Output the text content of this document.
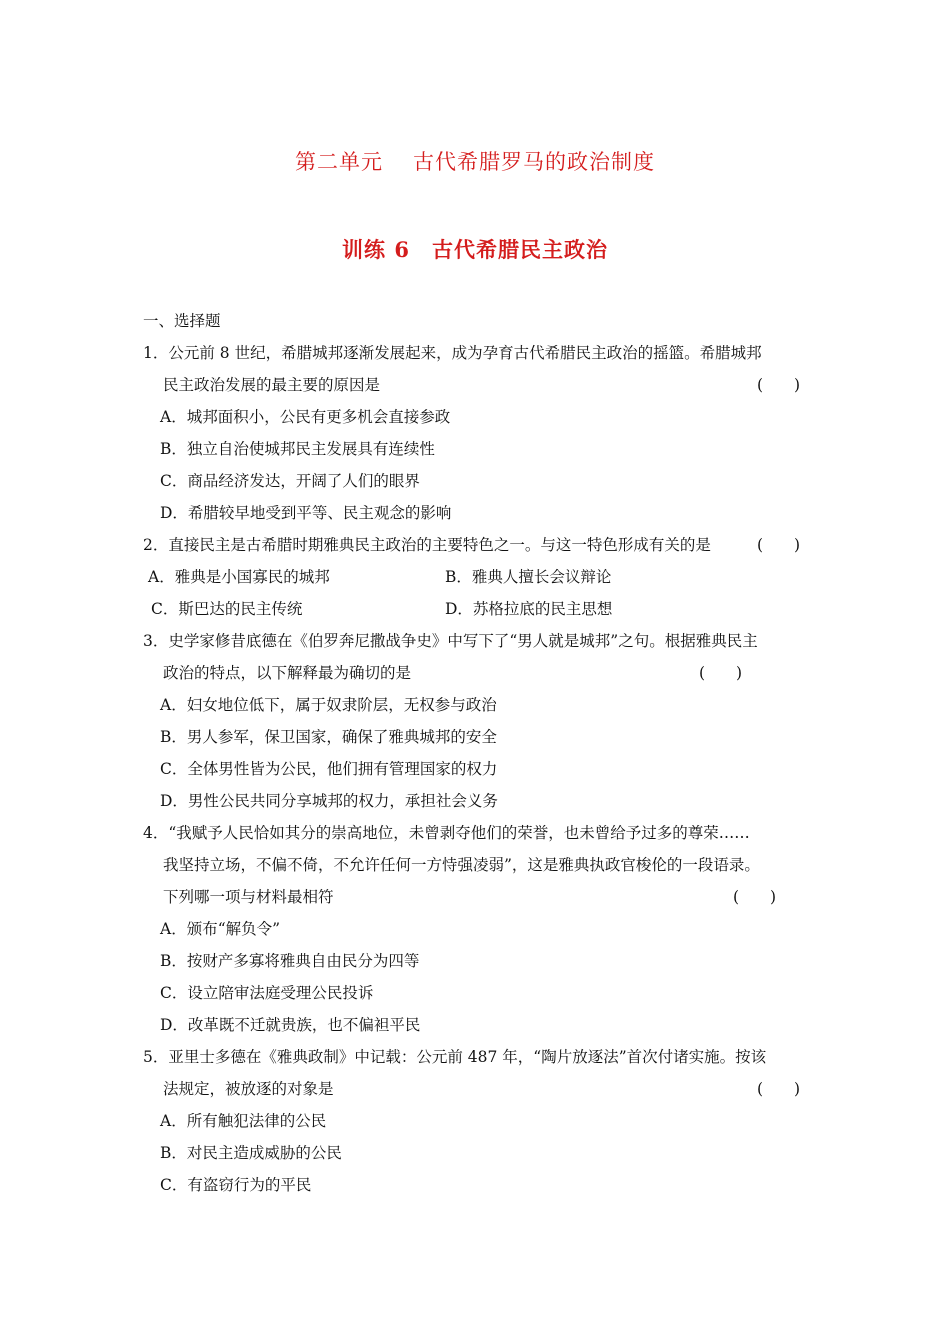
第二单元 古代希腊罗马的政治制度
训练 6 古代希腊民主政治
一、选择题
1．公元前 8 世纪，希腊城邦逐渐发展起来，成为孕育古代希腊民主政治的摇篮。希腊城邦
民主政治发展的最主要的原因是	(　　)
A．城邦面积小，公民有更多机会直接参政
B．独立自治使城邦民主发展具有连续性
C．商品经济发达，开阔了人们的眼界
D．希腊较早地受到平等、民主观念的影响
2．直接民主是古希腊时期雅典民主政治的主要特色之一。与这一特色形成有关的是	(　　)
A．雅典是小国寡民的城邦	B．雅典人擅长会议辩论
C．斯巴达的民主传统	D．苏格拉底的民主思想
3．史学家修昔底德在《伯罗奔尼撒战争史》中写下了“男人就是城邦”之句。根据雅典民主
政治的特点，以下解释最为确切的是	(　　)
A．妇女地位低下，属于奴隶阶层，无权参与政治
B．男人参军，保卫国家，确保了雅典城邦的安全
C．全体男性皆为公民，他们拥有管理国家的权力
D．男性公民共同分享城邦的权力，承担社会义务
4．“我赋予人民恰如其分的崇高地位，未曾剥夺他们的荣誉，也未曾给予过多的尊荣……
我坚持立场，不偏不倚，不允许任何一方恃强凌弱”，这是雅典执政官梭伦的一段语录。
下列哪一项与材料最相符	(　　)
A．颁布“解负令”
B．按财产多寡将雅典自由民分为四等
C．设立陪审法庭受理公民投诉
D．改革既不迁就贵族，也不偏袒平民
5．亚里士多德在《雅典政制》中记载：公元前 487 年，“陶片放逐法”首次付诸实施。按该
法规定，被放逐的对象是	(　　)
A．所有触犯法律的公民
B．对民主造成威胁的公民
C．有盗窃行为的平民
